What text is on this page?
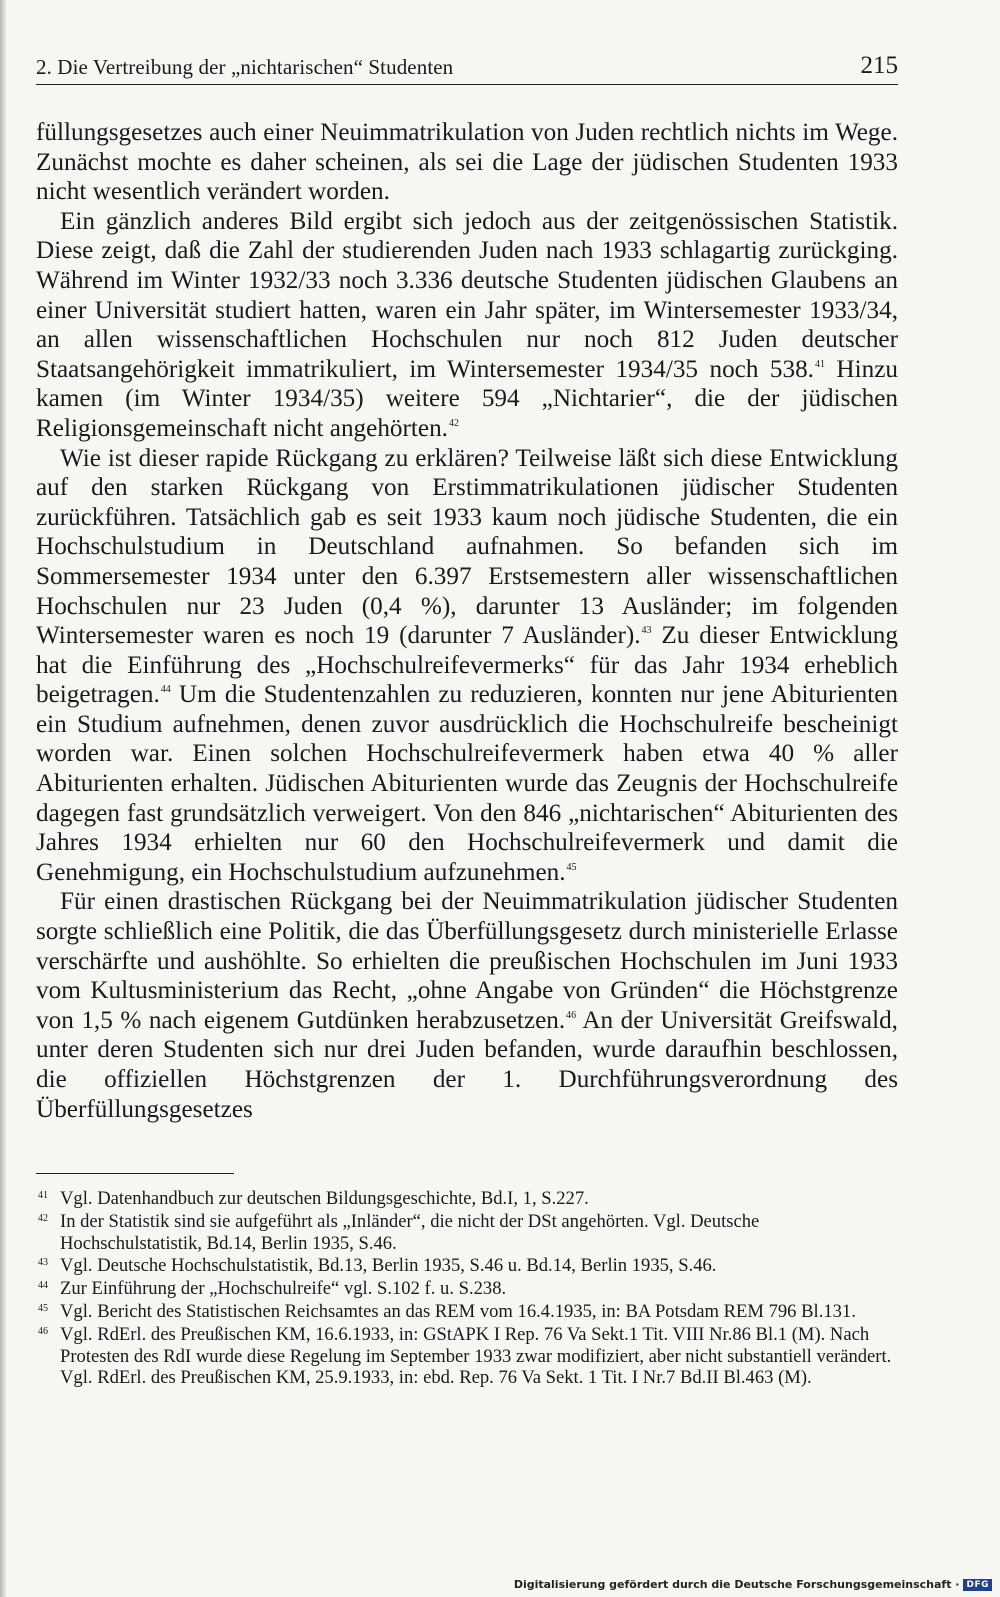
2. Die Vertreibung der „nichtarischen“ Studenten	215

füllungsgesetzes auch einer Neuimmatrikulation von Juden rechtlich nichts im Wege. Zunächst mochte es daher scheinen, als sei die Lage der jüdischen Studenten 1933 nicht wesentlich verändert worden.

Ein gänzlich anderes Bild ergibt sich jedoch aus der zeitgenössischen Statistik. Diese zeigt, daß die Zahl der studierenden Juden nach 1933 schlagartig zurückging. Während im Winter 1932/33 noch 3.336 deutsche Studenten jüdischen Glaubens an einer Universität studiert hatten, waren ein Jahr später, im Wintersemester 1933/34, an allen wissenschaftlichen Hochschulen nur noch 812 Juden deutscher Staatsangehörigkeit immatrikuliert, im Wintersemester 1934/35 noch 538.41 Hinzu kamen (im Winter 1934/35) weitere 594 „Nichtarier“, die der jüdischen Religionsgemeinschaft nicht angehörten.$^{42}$

Wie ist dieser rapide Rückgang zu erklären? Teilweise läßt sich diese Entwicklung auf den starken Rückgang von Erstimmatrikulationen jüdischer Studenten zurückführen. Tatsächlich gab es seit 1933 kaum noch jüdische Studenten, die ein Hochschulstudium in Deutschland aufnahmen. So befanden sich im Sommersemester 1934 unter den 6.397 Erstsemestern aller wissenschaftlichen Hochschulen nur 23 Juden (0,4 %), darunter 13 Ausländer; im folgenden Wintersemester waren es noch 19 (darunter 7 Ausländer).$^{43}$ Zu dieser Entwicklung hat die Einführung des „Hochschulreifevermerks“ für das Jahr 1934 erheblich beigetragen.$^{44}$ Um die Studentenzahlen zu reduzieren, konnten nur jene Abiturienten ein Studium aufnehmen, denen zuvor ausdrücklich die Hochschulreife bescheinigt worden war. Einen solchen Hochschulreifevermerk haben etwa 40 % aller Abiturienten erhalten. Jüdischen Abiturienten wurde das Zeugnis der Hochschulreife dagegen fast grundsätzlich verweigert. Von den 846 „nichtarischen“ Abiturienten des Jahres 1934 erhielten nur 60 den Hochschulreifevermerk und damit die Genehmigung, ein Hochschulstudium aufzunehmen.$^{45}$

Für einen drastischen Rückgang bei der Neuimmatrikulation jüdischer Studenten sorgte schließlich eine Politik, die das Überfüllungsgesetz durch ministerielle Erlasse verschärfte und aushöhlte. So erhielten die preußischen Hochschulen im Juni 1933 vom Kultusministerium das Recht, „ohne Angabe von Gründen“ die Höchstgrenze von 1,5 % nach eigenem Gutdünken herabzusetzen.$^{46}$ An der Universität Greifswald, unter deren Studenten sich nur drei Juden befanden, wurde daraufhin beschlossen, die offiziellen Höchstgrenzen der 1. Durchführungsverordnung des Überfüllungsgesetzes

41 Vgl. Datenhandbuch zur deutschen Bildungsgeschichte, Bd.I, 1, S.227.
42 In der Statistik sind sie aufgeführt als „Inländer“, die nicht der DSt angehörten. Vgl. Deutsche Hochschulstatistik, Bd.14, Berlin 1935, S.46.
43 Vgl. Deutsche Hochschulstatistik, Bd.13, Berlin 1935, S.46 u. Bd.14, Berlin 1935, S.46.
44 Zur Einführung der „Hochschulreife“ vgl. S.102 f. u. S.238.
45 Vgl. Bericht des Statistischen Reichsamtes an das REM vom 16.4.1935, in: BA Potsdam REM 796 Bl.131.
46 Vgl. RdErl. des Preußischen KM, 16.6.1933, in: GStAPK I Rep. 76 Va Sekt.1 Tit. VIII Nr.86 Bl.1 (M). Nach Protesten des RdI wurde diese Regelung im September 1933 zwar modifiziert, aber nicht substantiell verändert. Vgl. RdErl. des Preußischen KM, 25.9.1933, in: ebd. Rep. 76 Va Sekt. 1 Tit. I Nr.7 Bd.II Bl.463 (M).
Digitalisierung gefördert durch die Deutsche Forschungsgemeinschaft · DFG
